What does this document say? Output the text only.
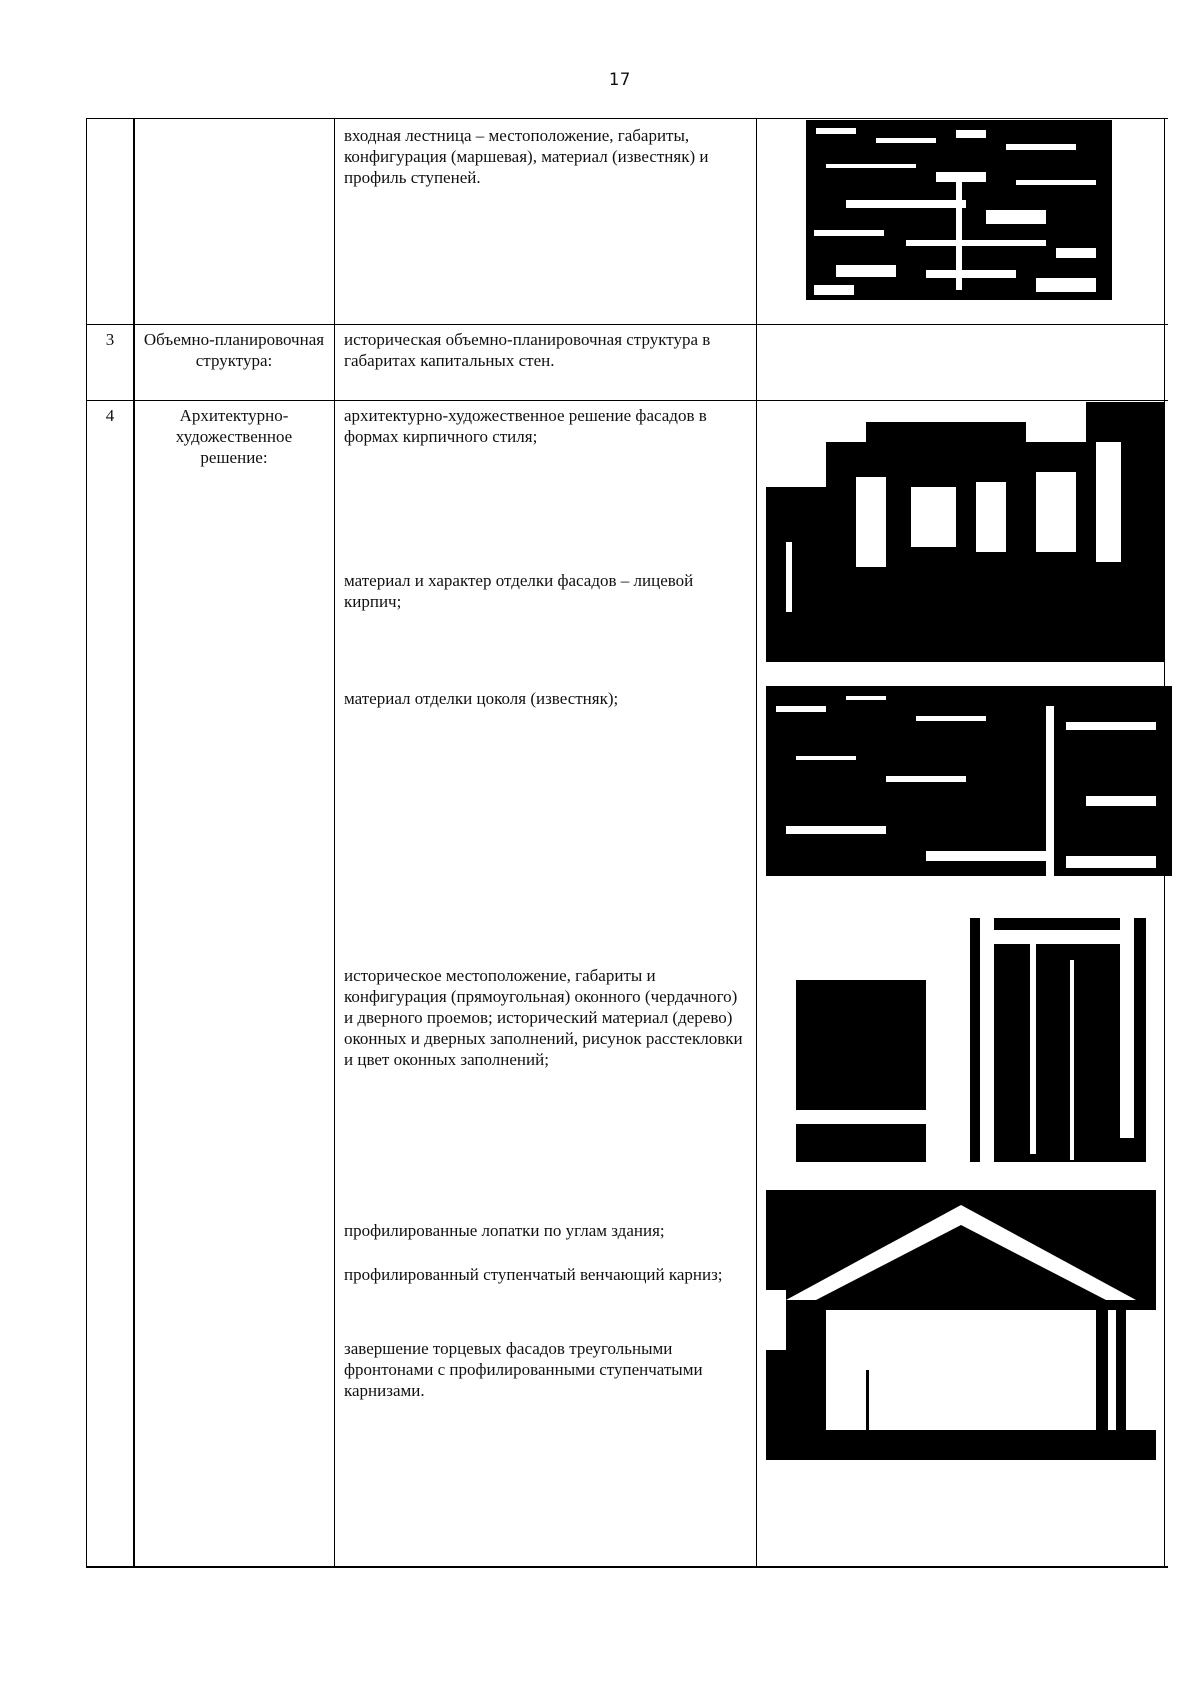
17
входная лестница – местоположение, габариты, конфигурация (маршевая), материал (известняк) и профиль ступеней.
3	Объемно-планировочная структура:
историческая объемно-планировочная структура в габаритах капитальных стен.
4	Архитектурно-художественное решение:
архитектурно-художественное решение фасадов в формах кирпичного стиля;
материал и характер отделки фасадов – лицевой кирпич;
материал отделки цоколя (известняк);
историческое местоположение, габариты и конфигурация (прямоугольная) оконного (чердачного) и дверного проемов; исторический материал (дерево) оконных и дверных заполнений, рисунок расстекловки и цвет оконных заполнений;
профилированные лопатки по углам здания;
профилированный ступенчатый венчающий карниз;
завершение торцевых фасадов треугольными фронтонами с профилированными ступенчатыми карнизами.
